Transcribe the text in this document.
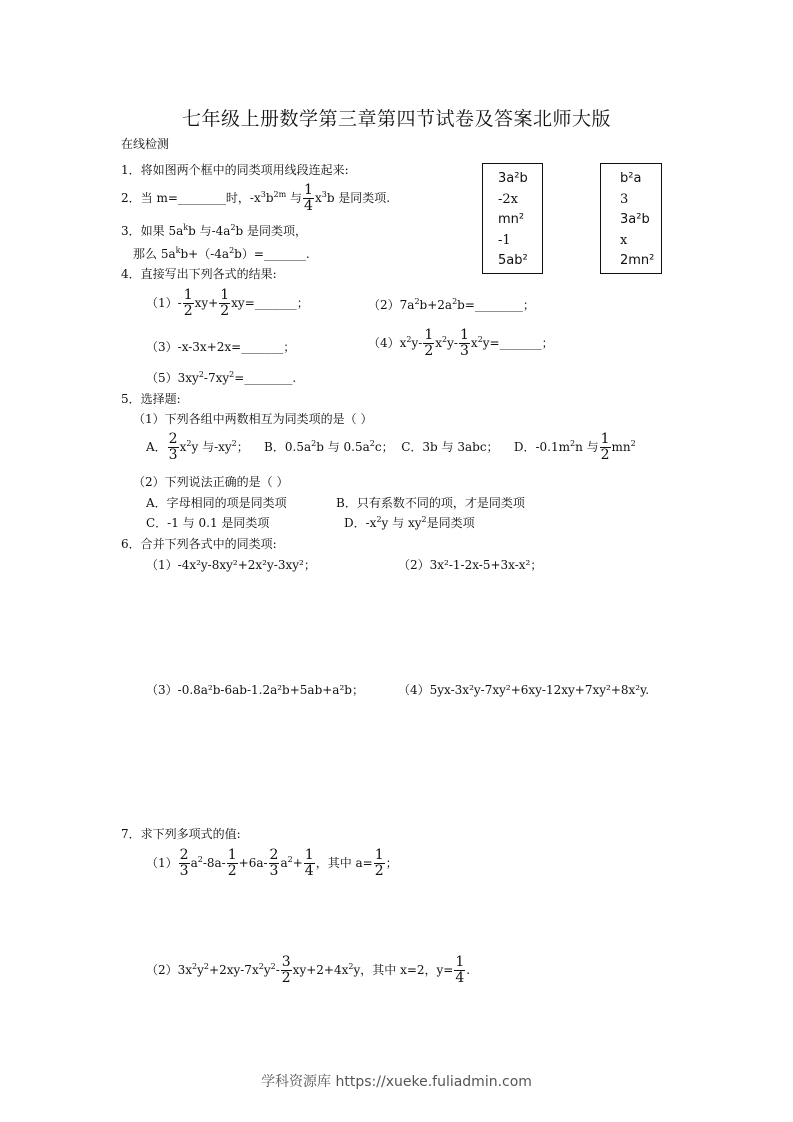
七年级上册数学第三章第四节试卷及答案北师大版
在线检测
1．将如图两个框中的同类项用线段连起来:
3a²b
-2x
mn²
-1
5ab²
b²a
3
3a²b
x
2mn²
2．当 m=________时，$-x^3b^{2m}$ 与 $\frac{1}{4} x^3b$ 是同类项.
3．如果 $5a^kb$ 与$-4a^2b$ 是同类项，
那么 $5a^kb+(-4a^2b)=\_\_\_\_\_\_\_$.
4．直接写出下列各式的结果:
$(1)- \frac{1}{2} xy+ \frac{1}{2}$ xy=_______；	$(2)7a^2b+2a^2b=\_\_\_\_\_\_\_\_$；
（3）-x-3x+2x=_______；	$(4)x^2y- \frac{1}{2} x^2y- \frac{1}{3}$ $x^2y=\_\_\_\_\_\_\_$；
$(5)3xy^2-7xy^2=\_\_\_\_\_\_\_\_$.
5．选择题:
（1）下列各组中两数相互为同类项的是（ ）
A． $\frac{2}{3} x^2y$ 与$-xy^2$； B．$0.5a^2b$ 与 $0.5a^2c$； C．3b 与 3abc； D．$-0.1m^2n$ 与 $\frac{1}{2} mn^2$
（2）下列说法正确的是（ ）
A．字母相同的项是同类项	B．只有系数不同的项，才是同类项
C．-1 与 0.1 是同类项	D．$-x^2y$ 与 $xy^2$是同类项
6．合并下列各式中的同类项:
（1）-4x²y-8xy²+2x²y-3xy²；	（2）3x²-1-2x-5+3x-x²；
（3）-0.8a²b-6ab-1.2a²b+5ab+a²b；	（4）5yx-3x²y-7xy²+6xy-12xy+7xy²+8x²y.
7．求下列多项式的值:
$(1) \frac{2}{3} a^2-8a- \frac{1}{2} +6a- \frac{2}{3} a^2+ \frac{1}{4}$ ，其中 $a= \frac{1}{2}$ ；
$(2)3x^2y^2+2xy-7x^2y^2- \frac{3}{2} xy+2+4x^2y$，其中 x=2，$y= \frac{1}{4}$ .
学科资源库 https://xueke.fuliadmin.com
